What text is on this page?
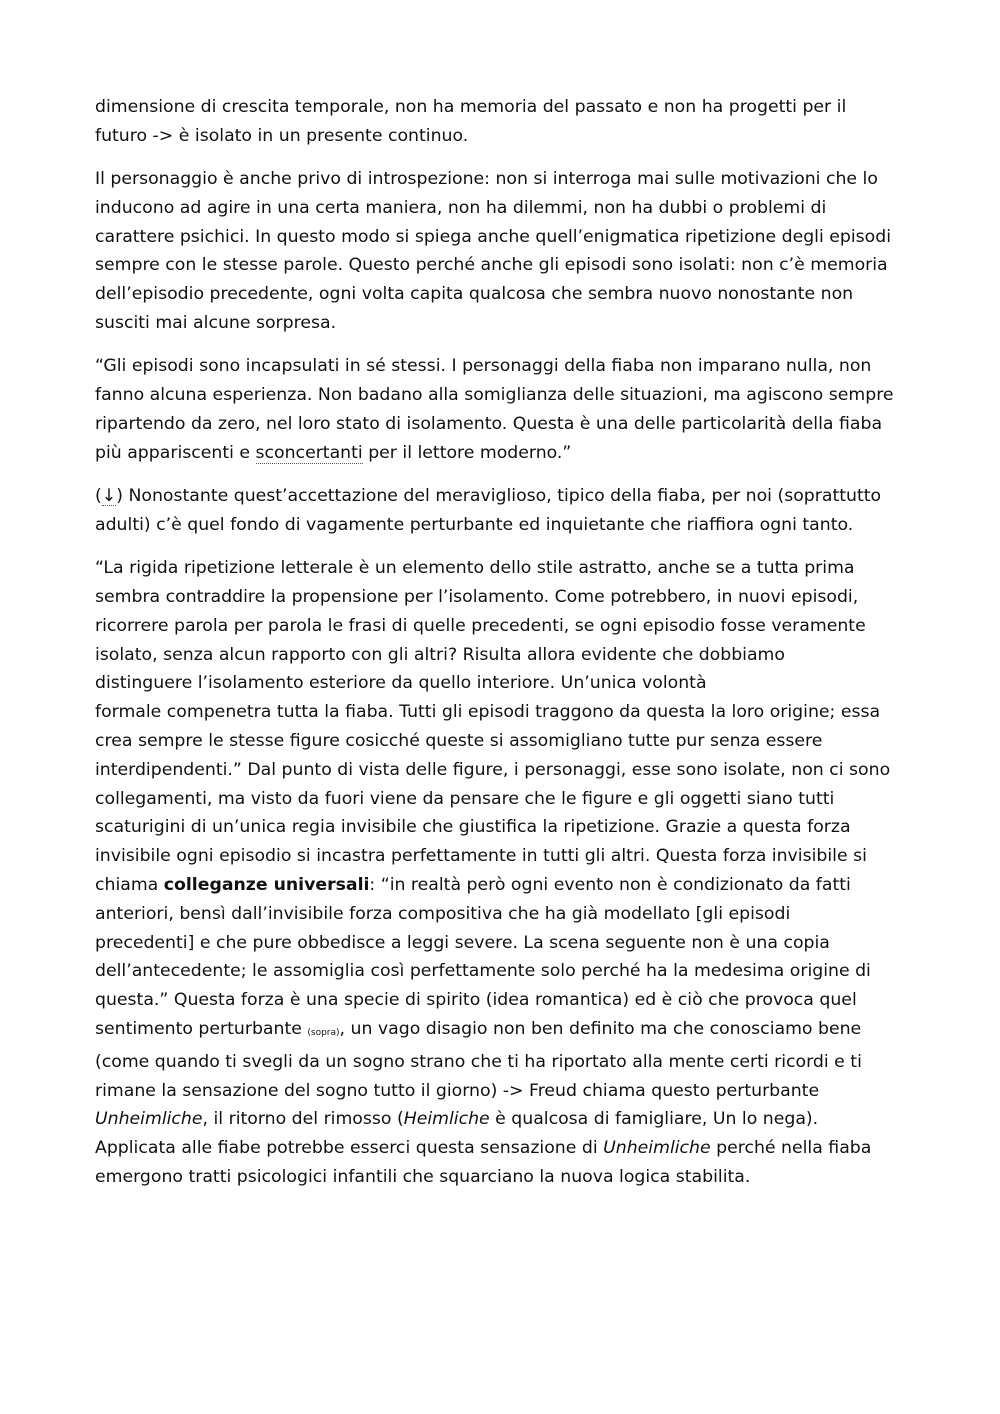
dimensione di crescita temporale, non ha memoria del passato e non ha progetti per il
futuro -> è isolato in un presente continuo.

Il personaggio è anche privo di introspezione: non si interroga mai sulle motivazioni che lo
inducono ad agire in una certa maniera, non ha dilemmi, non ha dubbi o problemi di
carattere psichici. In questo modo si spiega anche quell’enigmatica ripetizione degli episodi
sempre con le stesse parole. Questo perché anche gli episodi sono isolati: non c’è memoria
dell’episodio precedente, ogni volta capita qualcosa che sembra nuovo nonostante non
susciti mai alcune sorpresa.

“Gli episodi sono incapsulati in sé stessi. I personaggi della fiaba non imparano nulla, non
fanno alcuna esperienza. Non badano alla somiglianza delle situazioni, ma agiscono sempre
ripartendo da zero, nel loro stato di isolamento. Questa è una delle particolarità della fiaba
più appariscenti e sconcertanti per il lettore moderno.”

(↓) Nonostante quest’accettazione del meraviglioso, tipico della fiaba, per noi (soprattutto
adulti) c’è quel fondo di vagamente perturbante ed inquietante che riaffiora ogni tanto.

“La rigida ripetizione letterale è un elemento dello stile astratto, anche se a tutta prima
sembra contraddire la propensione per l’isolamento. Come potrebbero, in nuovi episodi,
ricorrere parola per parola le frasi di quelle precedenti, se ogni episodio fosse veramente
isolato, senza alcun rapporto con gli altri? Risulta allora evidente che dobbiamo
distinguere l’isolamento esteriore da quello interiore. Un’unica volontà
formale compenetra tutta la fiaba. Tutti gli episodi traggono da questa la loro origine; essa
crea sempre le stesse figure cosicché queste si assomigliano tutte pur senza essere
interdipendenti.” Dal punto di vista delle figure, i personaggi, esse sono isolate, non ci sono
collegamenti, ma visto da fuori viene da pensare che le figure e gli oggetti siano tutti
scaturigini di un’unica regia invisibile che giustifica la ripetizione. Grazie a questa forza
invisibile ogni episodio si incastra perfettamente in tutti gli altri. Questa forza invisibile si
chiama colleganze universali: “in realtà però ogni evento non è condizionato da fatti
anteriori, bensì dall’invisibile forza compositiva che ha già modellato [gli episodi
precedenti] e che pure obbedisce a leggi severe. La scena seguente non è una copia
dell’antecedente; le assomiglia così perfettamente solo perché ha la medesima origine di
questa.” Questa forza è una specie di spirito (idea romantica) ed è ciò che provoca quel
sentimento perturbante (sopra), un vago disagio non ben definito ma che conosciamo bene
(come quando ti svegli da un sogno strano che ti ha riportato alla mente certi ricordi e ti
rimane la sensazione del sogno tutto il giorno) -> Freud chiama questo perturbante
Unheimliche, il ritorno del rimosso (Heimliche è qualcosa di famigliare, Un lo nega).
Applicata alle fiabe potrebbe esserci questa sensazione di Unheimliche perché nella fiaba
emergono tratti psicologici infantili che squarciano la nuova logica stabilita.
